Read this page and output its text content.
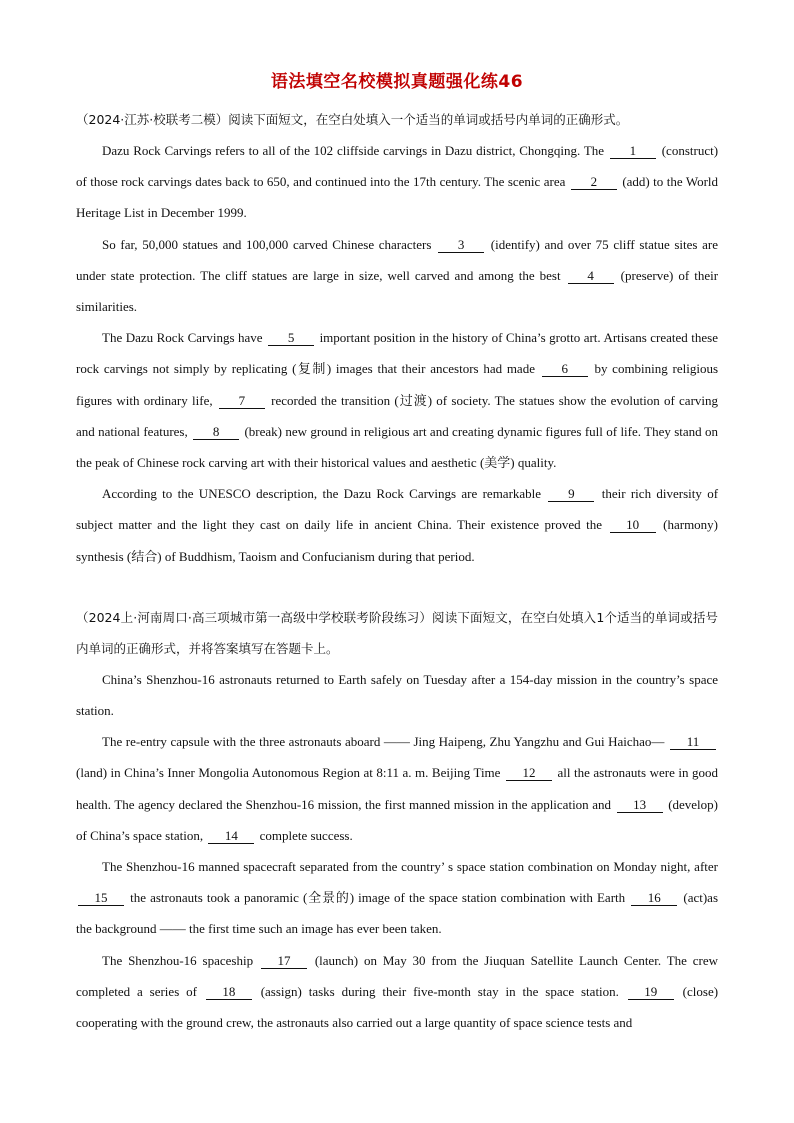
语法填空名校模拟真题强化练46

（2024·江苏·校联考二模）阅读下面短文，在空白处填入一个适当的单词或括号内单词的正确形式。

Dazu Rock Carvings refers to all of the 102 cliffside carvings in Dazu district, Chongqing. The 1 (construct) of those rock carvings dates back to 650, and continued into the 17th century. The scenic area 2 (add) to the World Heritage List in December 1999.

So far, 50,000 statues and 100,000 carved Chinese characters 3 (identify) and over 75 cliff statue sites are under state protection. The cliff statues are large in size, well carved and among the best 4 (preserve) of their similarities.

The Dazu Rock Carvings have 5 important position in the history of China’s grotto art. Artisans created these rock carvings not simply by replicating (复制) images that their ancestors had made 6 by combining religious figures with ordinary life, 7 recorded the transition (过渡) of society. The statues show the evolution of carving and national features, 8 (break) new ground in religious art and creating dynamic figures full of life. They stand on the peak of Chinese rock carving art with their historical values and aesthetic (美学) quality.

According to the UNESCO description, the Dazu Rock Carvings are remarkable 9 their rich diversity of subject matter and the light they cast on daily life in ancient China. Their existence proved the 10 (harmony) synthesis (结合) of Buddhism, Taoism and Confucianism during that period.

（2024上·河南周口·高三项城市第一高级中学校联考阶段练习）阅读下面短文，在空白处填入1个适当的单词或括号内单词的正确形式，并将答案填写在答题卡上。

China’s Shenzhou-16 astronauts returned to Earth safely on Tuesday after a 154-day mission in the country’s space station.

The re-entry capsule with the three astronauts aboard —— Jing Haipeng, Zhu Yangzhu and Gui Haichao— 11 (land) in China’s Inner Mongolia Autonomous Region at 8:11 a. m. Beijing Time 12 all the astronauts were in good health. The agency declared the Shenzhou-16 mission, the first manned mission in the application and 13 (develop) of China’s space station, 14 complete success.

The Shenzhou-16 manned spacecraft separated from the country’ s space station combination on Monday night, after 15 the astronauts took a panoramic (全景的) image of the space station combination with Earth 16 (act)as the background —— the first time such an image has ever been taken.

The Shenzhou-16 spaceship 17 (launch) on May 30 from the Jiuquan Satellite Launch Center. The crew completed a series of 18 (assign) tasks during their five-month stay in the space station. 19 (close) cooperating with the ground crew, the astronauts also carried out a large quantity of space science tests and
